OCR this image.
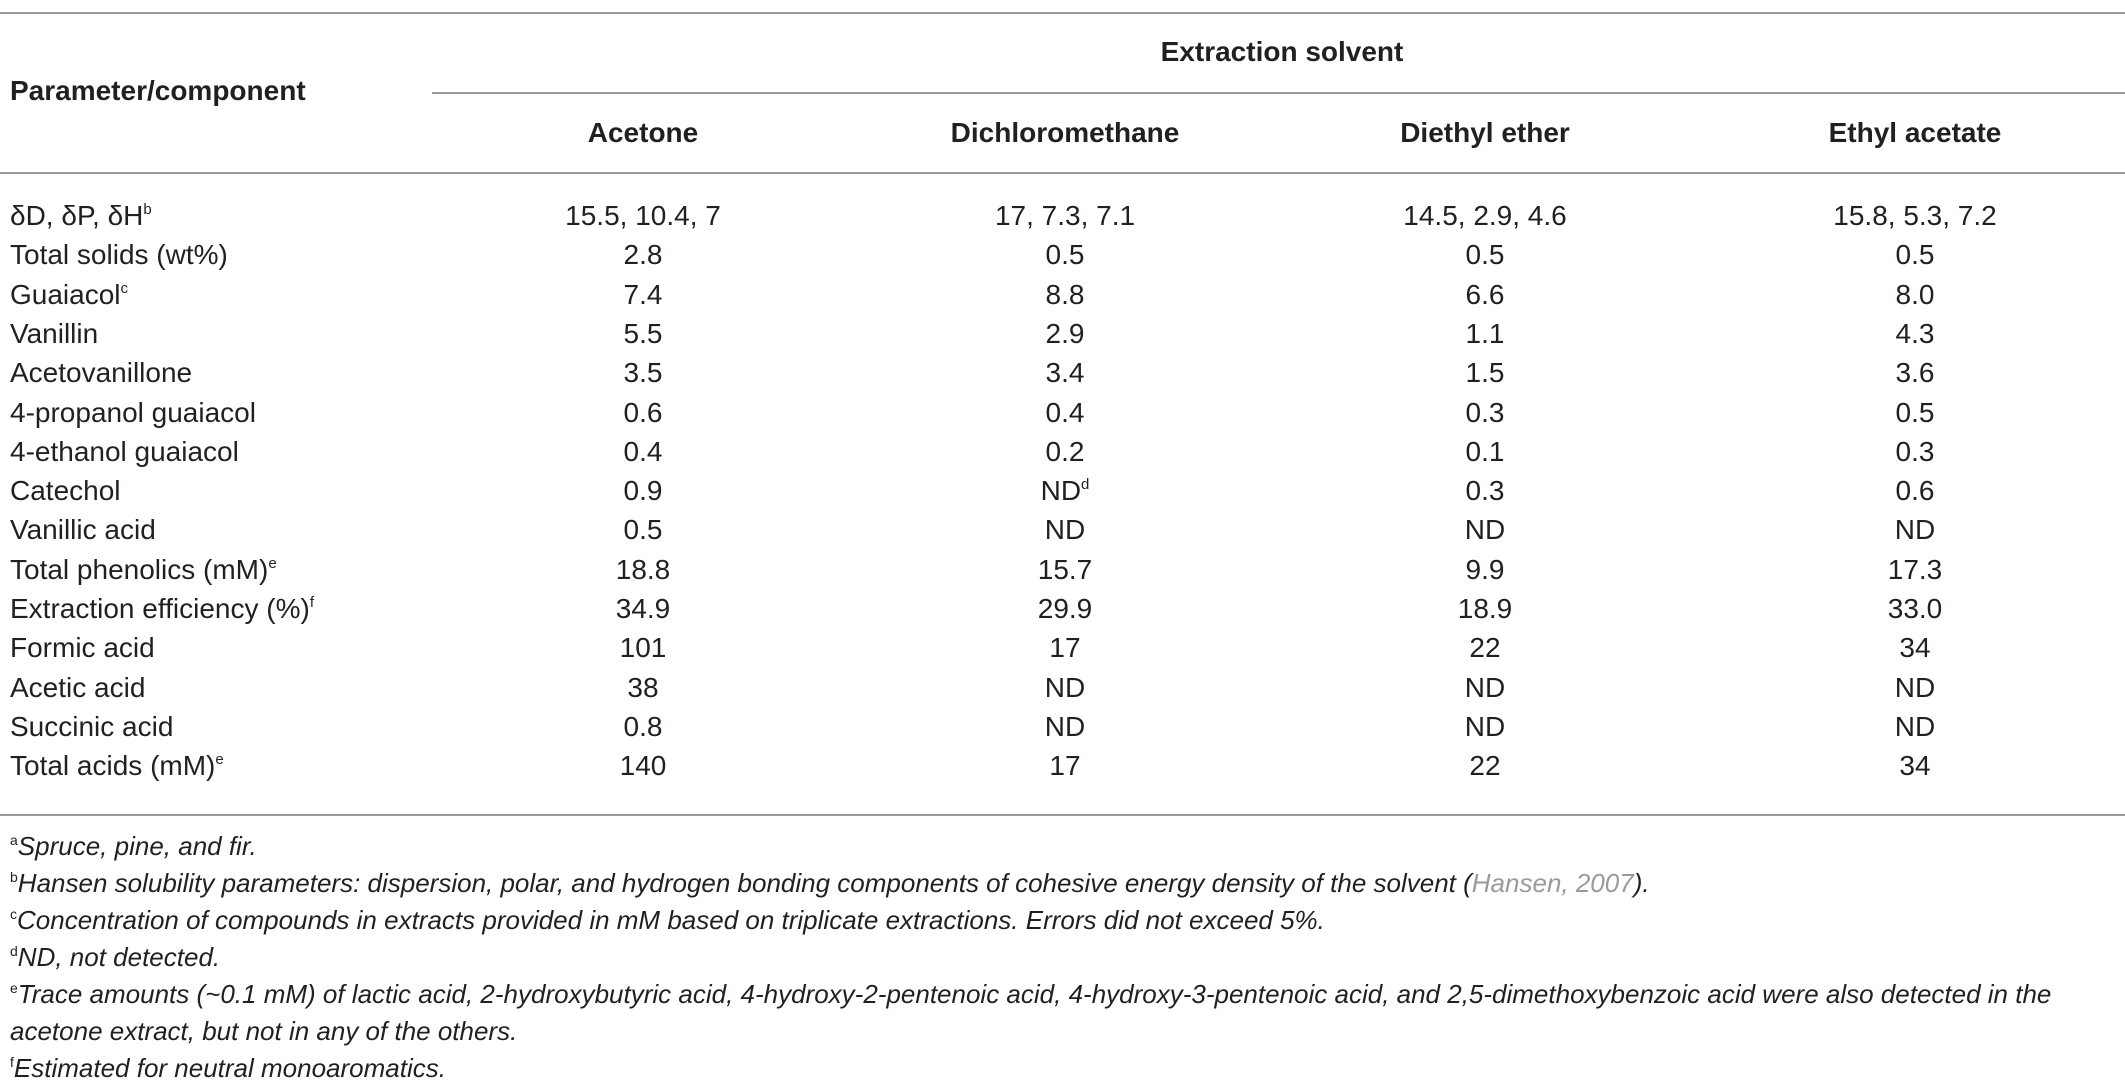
Parameter/component
Extraction solvent
Acetone	Dichloromethane	Diethyl ether	Ethyl acetate
δD, δP, $\delta H^b$	15.5, 10.4, 7	17, 7.3, 7.1	14.5, 2.9, 4.6	15.8, 5.3, 7.2
Total solids (wt%)	2.8	0.5	0.5	0.5
Guaiacol$^c$	7.4	8.8	6.6	8.0
Vanillin	5.5	2.9	1.1	4.3
Acetovanillone	3.5	3.4	1.5	3.6
4-propanol guaiacol	0.6	0.4	0.3	0.5
4-ethanol guaiacol	0.4	0.2	0.1	0.3
Catechol	0.9	$ND^d$	0.3	0.6
Vanillic acid	0.5	ND	ND	ND
Total phenolics (mM)$^e$	18.8	15.7	9.9	17.3
Extraction efficiency (%)$^f$	34.9	29.9	18.9	33.0
Formic acid	101	17	22	34
Acetic acid	38	ND	ND	ND
Succinic acid	0.8	ND	ND	ND
Total acids (mM)$^e$	140	17	22	34

$^a$Spruce, pine, and fir.

$^b$Hansen solubility parameters: dispersion, polar, and hydrogen bonding components of cohesive energy density of the solvent (Hansen, 2007).

$^c$Concentration of compounds in extracts provided in mM based on triplicate extractions. Errors did not exceed 5%.

$^d$ND, not detected.

$^e$Trace amounts (~0.1 mM) of lactic acid, 2-hydroxybutyric acid, 4-hydroxy-2-pentenoic acid, 4-hydroxy-3-pentenoic acid, and 2,5-dimethoxybenzoic acid were also detected in the acetone extract, but not in any of the others.

$^f$Estimated for neutral monoaromatics.
